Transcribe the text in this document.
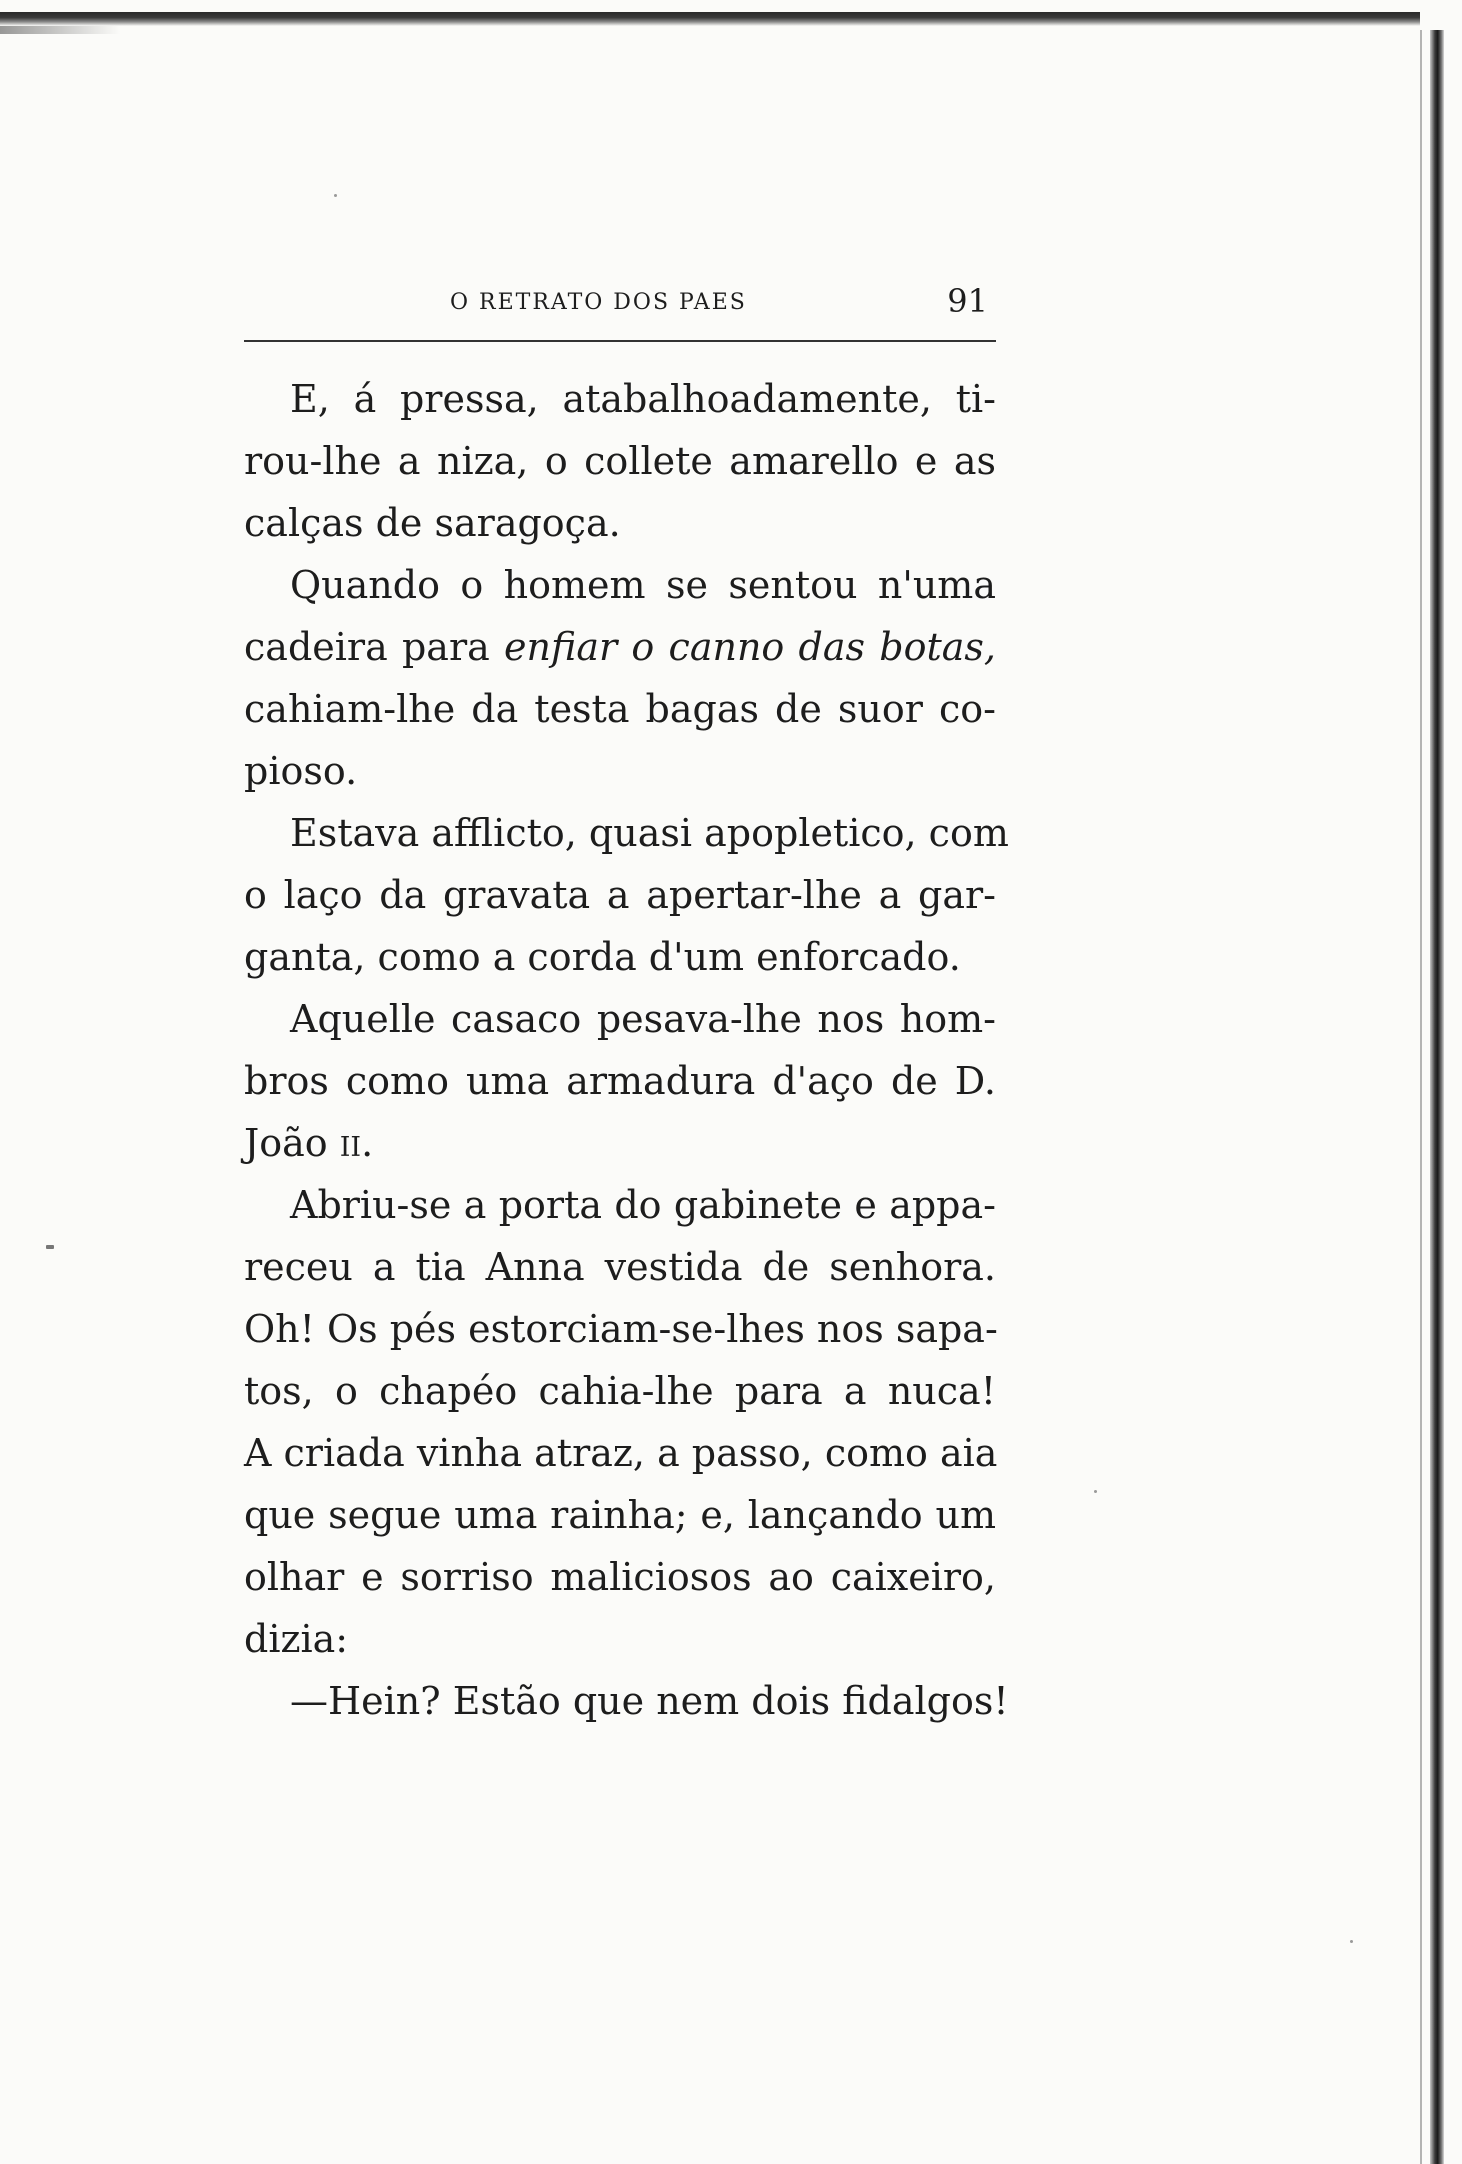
O RETRATO DOS PAES	91
E, á pressa, atabalhoadamente, ti-
rou-lhe a niza, o collete amarello e as
calças de saragoça.
Quando o homem se sentou n'uma
cadeira para enfiar o canno das botas,
cahiam-lhe da testa bagas de suor co-
pioso.
Estava afflicto, quasi apopletico, com
o laço da gravata a apertar-lhe a gar-
ganta, como a corda d'um enforcado.
Aquelle casaco pesava-lhe nos hom-
bros como uma armadura d'aço de D.
João ii.
Abriu-se a porta do gabinete e appa-
receu a tia Anna vestida de senhora.
Oh! Os pés estorciam-se-lhes nos sapa-
tos, o chapéo cahia-lhe para a nuca!
A criada vinha atraz, a passo, como aia
que segue uma rainha; e, lançando um
olhar e sorriso maliciosos ao caixeiro,
dizia:
—Hein? Estão que nem dois fidalgos!
